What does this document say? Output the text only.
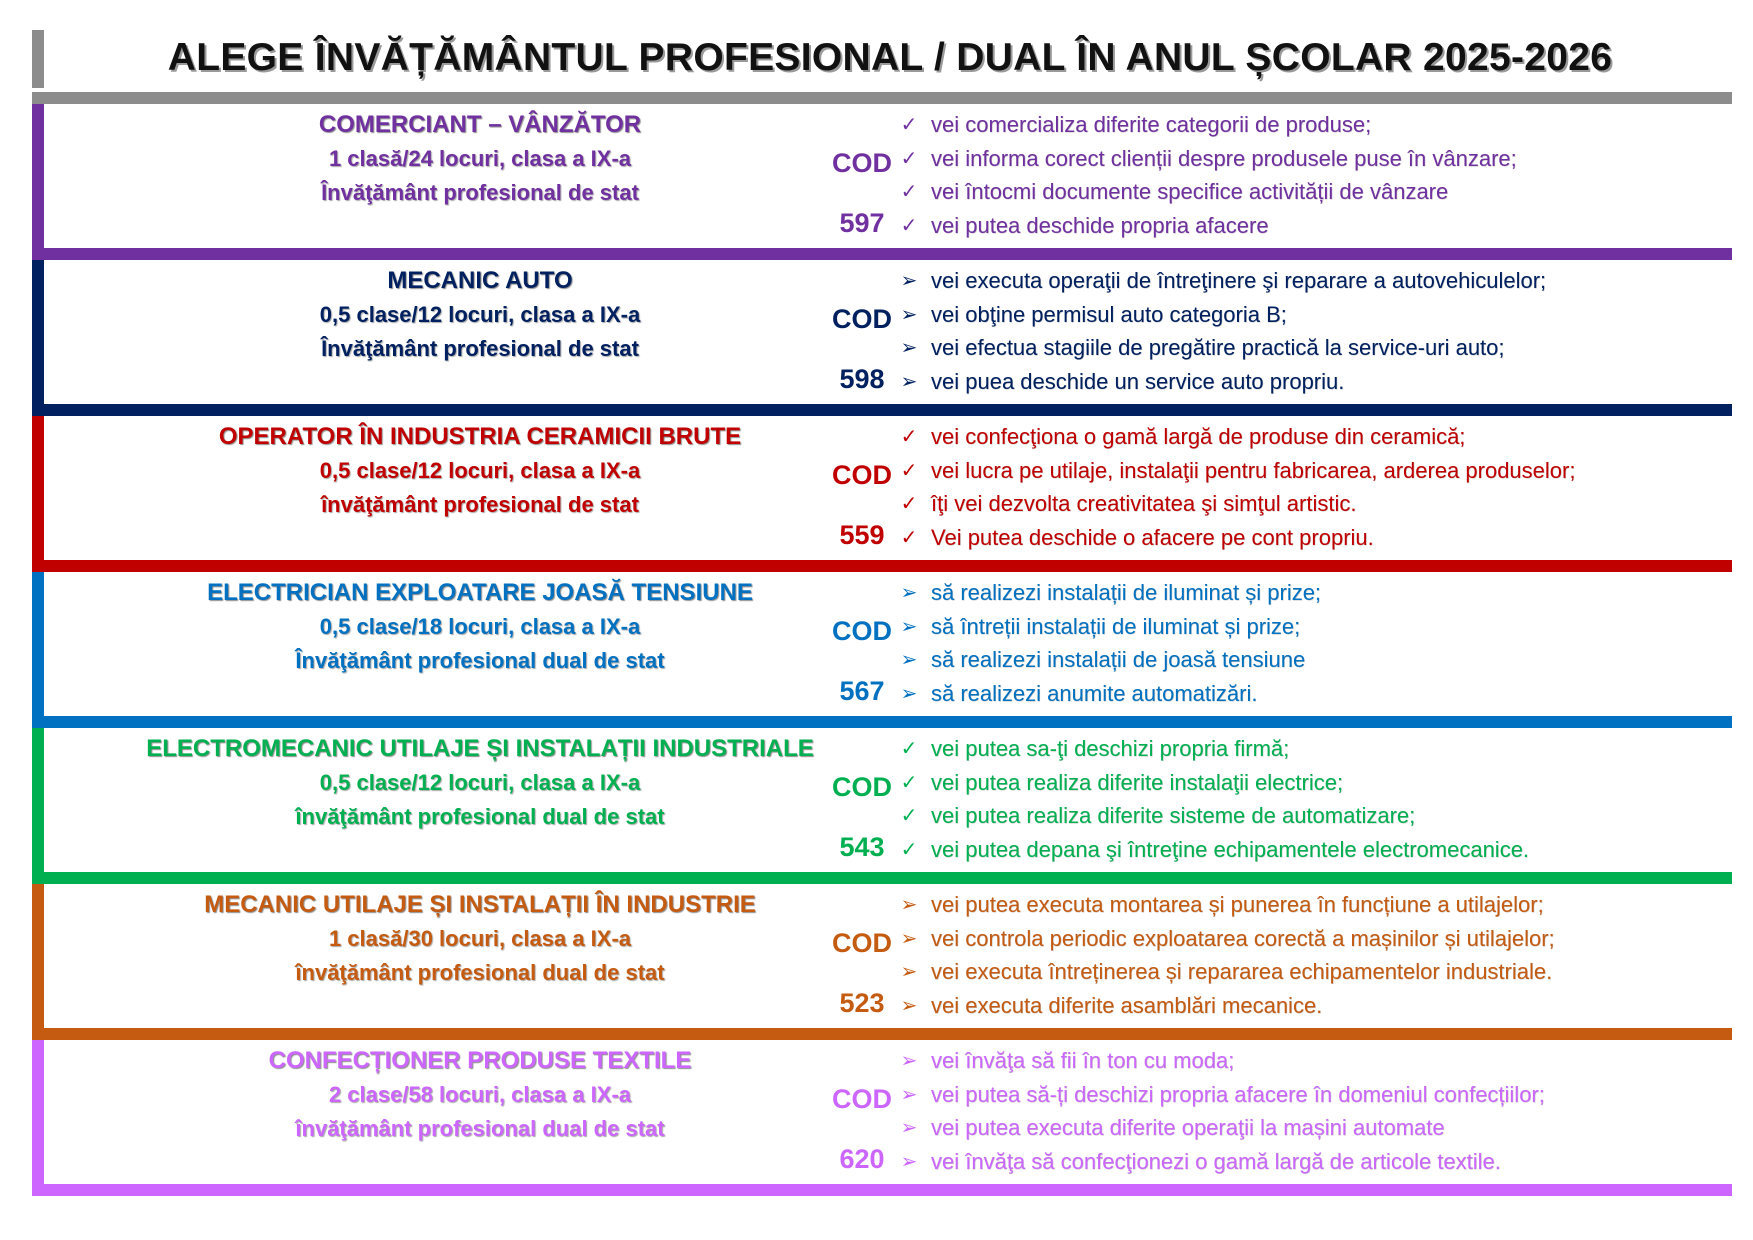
ALEGE ÎNVĂȚĂMÂNTUL PROFESIONAL / DUAL ÎN ANUL ȘCOLAR 2025-2026
COMERCIANT – VÂNZĂTOR
1 clasă/24 locuri, clasa a IX-a
Învăţământ profesional de stat
COD
597
✓ vei comercializa diferite categorii de produse;
✓ vei informa corect clienții despre produsele puse în vânzare;
✓ vei întocmi documente specifice activității de vânzare
✓ vei putea deschide propria afacere
MECANIC AUTO
0,5 clase/12 locuri, clasa a IX-a
Învăţământ profesional de stat
COD
598
➢ vei executa operaţii de întreţinere şi reparare a autovehiculelor;
➢ vei obţine permisul auto categoria B;
➢ vei efectua stagiile de pregătire practică la service-uri auto;
➢ vei puea deschide un service auto propriu.
OPERATOR ÎN INDUSTRIA CERAMICII BRUTE
0,5 clase/12 locuri, clasa a IX-a
învăţământ profesional de stat
COD
559
✓ vei confecţiona o gamă largă de produse din ceramică;
✓ vei lucra pe utilaje, instalaţii pentru fabricarea, arderea produselor;
✓ îţi vei dezvolta creativitatea şi simţul artistic.
✓ Vei putea deschide o afacere pe cont propriu.
ELECTRICIAN EXPLOATARE JOASĂ TENSIUNE
0,5 clase/18 locuri, clasa a IX-a
Învăţământ profesional dual de stat
COD
567
➢ să realizezi instalații de iluminat și prize;
➢ să întreții instalații de iluminat și prize;
➢ să realizezi instalații de joasă tensiune
➢ să realizezi anumite automatizări.
ELECTROMECANIC UTILAJE ȘI INSTALAȚII INDUSTRIALE
0,5 clase/12 locuri, clasa a IX-a
învăţământ profesional dual de stat
COD
543
✓ vei putea sa-ţi deschizi propria firmă;
✓ vei putea realiza diferite instalaţii electrice;
✓ vei putea realiza diferite sisteme de automatizare;
✓ vei putea depana şi întreţine echipamentele electromecanice.
MECANIC UTILAJE ȘI INSTALAȚII ÎN INDUSTRIE
1 clasă/30 locuri, clasa a IX-a
învăţământ profesional dual de stat
COD
523
➢ vei putea executa montarea și punerea în funcțiune a utilajelor;
➢ vei controla periodic exploatarea corectă a mașinilor și utilajelor;
➢ vei executa întreținerea și repararea echipamentelor industriale.
➢ vei executa diferite asamblări mecanice.
CONFECȚIONER PRODUSE TEXTILE
2 clase/58 locuri, clasa a IX-a
învăţământ profesional dual de stat
COD
620
➢ vei învăţa să fii în ton cu moda;
➢ vei putea să-ți deschizi propria afacere în domeniul confecțiilor;
➢ vei putea executa diferite operaţii la mașini automate
➢ vei învăţa să confecţionezi o gamă largă de articole textile.
